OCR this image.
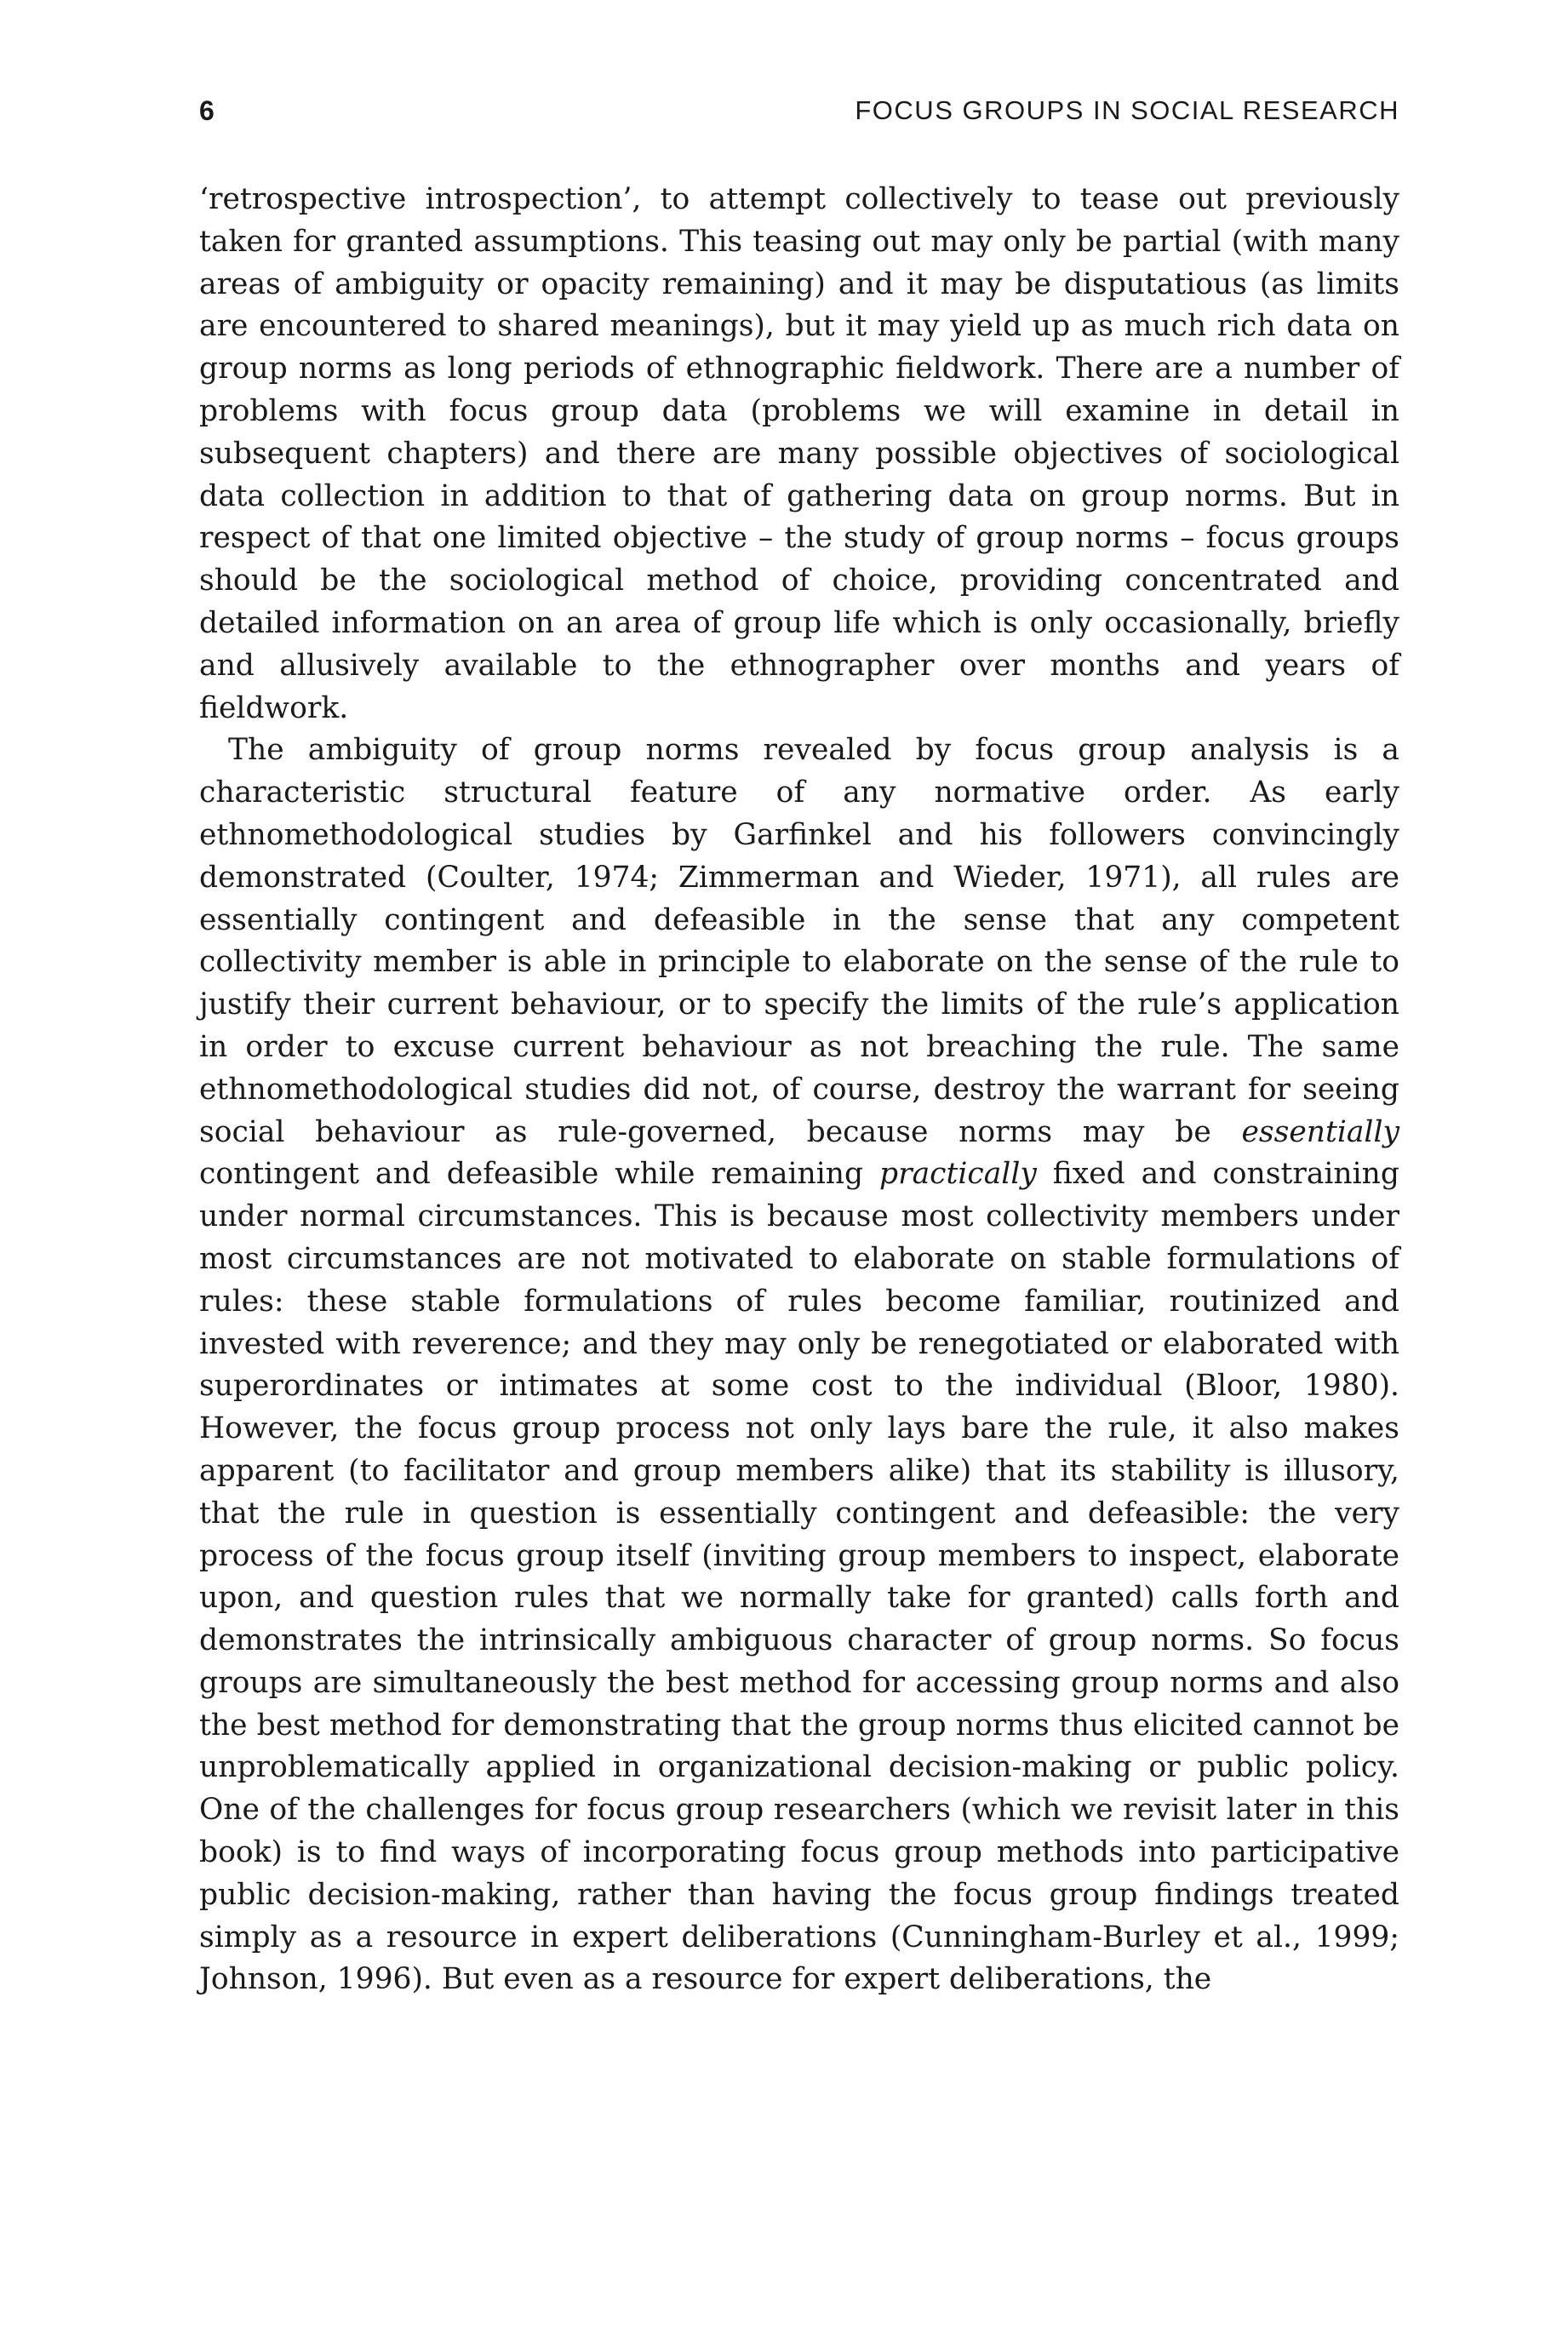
6	FOCUS GROUPS IN SOCIAL RESEARCH

‘retrospective introspection’, to attempt collectively to tease out previously taken for granted assumptions. This teasing out may only be partial (with many areas of ambiguity or opacity remaining) and it may be disputatious (as limits are encountered to shared meanings), but it may yield up as much rich data on group norms as long periods of ethnographic fieldwork. There are a number of problems with focus group data (problems we will examine in detail in subsequent chapters) and there are many possible objectives of sociological data collection in addition to that of gathering data on group norms. But in respect of that one limited objective – the study of group norms – focus groups should be the sociological method of choice, providing concentrated and detailed information on an area of group life which is only occasionally, briefly and allusively available to the ethnographer over months and years of fieldwork.

The ambiguity of group norms revealed by focus group analysis is a characteristic structural feature of any normative order. As early ethnomethodological studies by Garfinkel and his followers convincingly demonstrated (Coulter, 1974; Zimmerman and Wieder, 1971), all rules are essentially contingent and defeasible in the sense that any competent collectivity member is able in principle to elaborate on the sense of the rule to justify their current behaviour, or to specify the limits of the rule’s application in order to excuse current behaviour as not breaching the rule. The same ethnomethodological studies did not, of course, destroy the warrant for seeing social behaviour as rule-governed, because norms may be essentially contingent and defeasible while remaining practically fixed and constraining under normal circumstances. This is because most collectivity members under most circumstances are not motivated to elaborate on stable formulations of rules: these stable formulations of rules become familiar, routinized and invested with reverence; and they may only be renegotiated or elaborated with superordinates or intimates at some cost to the individual (Bloor, 1980). However, the focus group process not only lays bare the rule, it also makes apparent (to facilitator and group members alike) that its stability is illusory, that the rule in question is essentially contingent and defeasible: the very process of the focus group itself (inviting group members to inspect, elaborate upon, and question rules that we normally take for granted) calls forth and demonstrates the intrinsically ambiguous character of group norms. So focus groups are simultaneously the best method for accessing group norms and also the best method for demonstrating that the group norms thus elicited cannot be unproblematically applied in organizational decision-making or public policy. One of the challenges for focus group researchers (which we revisit later in this book) is to find ways of incorporating focus group methods into participative public decision-making, rather than having the focus group findings treated simply as a resource in expert deliberations (Cunningham-Burley et al., 1999; Johnson, 1996). But even as a resource for expert deliberations, the
